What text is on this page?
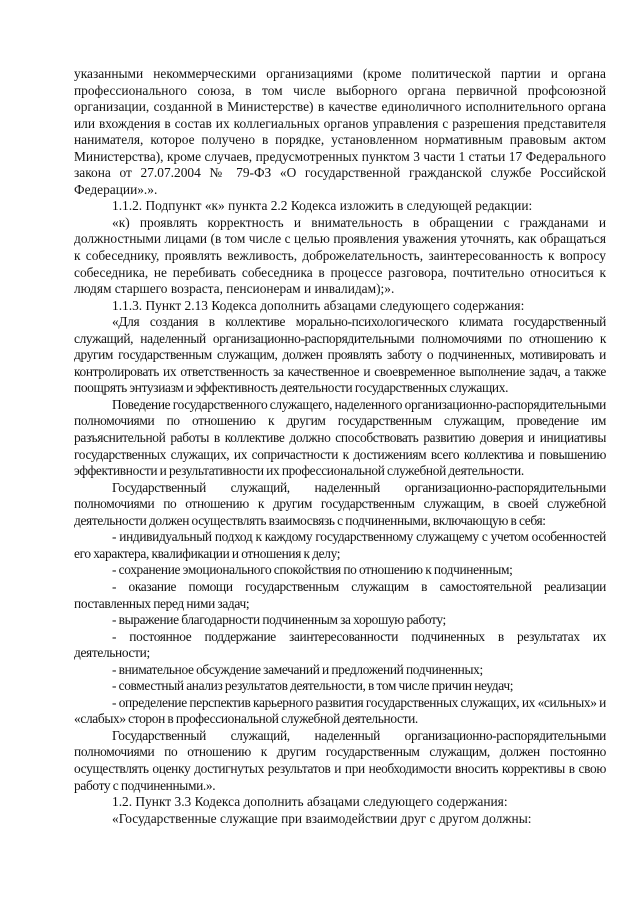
указанными некоммерческими организациями (кроме политической партии и органа профессионального союза, в том числе выборного органа первичной профсоюзной организации, созданной в Министерстве) в качестве единоличного исполнительного органа или вхождения в состав их коллегиальных органов управления с разрешения представителя нанимателя, которое получено в порядке, установленном нормативным правовым актом Министерства), кроме случаев, предусмотренных пунктом 3 части 1 статьи 17 Федерального закона от 27.07.2004 № 79-ФЗ «О государственной гражданской службе Российской Федерации».».

1.1.2. Подпункт «к» пункта 2.2 Кодекса изложить в следующей редакции:

«к) проявлять корректность и внимательность в обращении с гражданами и должностными лицами (в том числе с целью проявления уважения уточнять, как обращаться к собеседнику, проявлять вежливость, доброжелательность, заинтересованность к вопросу собеседника, не перебивать собеседника в процессе разговора, почтительно относиться к людям старшего возраста, пенсионерам и инвалидам);».

1.1.3. Пункт 2.13 Кодекса дополнить абзацами следующего содержания:

«Для создания в коллективе морально-психологического климата государственный служащий, наделенный организационно-распорядительными полномочиями по отношению к другим государственным служащим, должен проявлять заботу о подчиненных, мотивировать и контролировать их ответственность за качественное и своевременное выполнение задач, а также поощрять энтузиазм и эффективность деятельности государственных служащих.

Поведение государственного служащего, наделенного организационно-распорядительными полномочиями по отношению к другим государственным служащим, проведение им разъяснительной работы в коллективе должно способствовать развитию доверия и инициативы государственных служащих, их сопричастности к достижениям всего коллектива и повышению эффективности и результативности их профессиональной служебной деятельности.

Государственный служащий, наделенный организационно-распорядительными полномочиями по отношению к другим государственным служащим, в своей служебной деятельности должен осуществлять взаимосвязь с подчиненными, включающую в себя:

- индивидуальный подход к каждому государственному служащему с учетом особенностей его характера, квалификации и отношения к делу;

- сохранение эмоционального спокойствия по отношению к подчиненным;

- оказание помощи государственным служащим в самостоятельной реализации поставленных перед ними задач;

- выражение благодарности подчиненным за хорошую работу;

- постоянное поддержание заинтересованности подчиненных в результатах их деятельности;

- внимательное обсуждение замечаний и предложений подчиненных;

- совместный анализ результатов деятельности, в том числе причин неудач;

- определение перспектив карьерного развития государственных служащих, их «сильных» и «слабых» сторон в профессиональной служебной деятельности.

Государственный служащий, наделенный организационно-распорядительными полномочиями по отношению к другим государственным служащим, должен постоянно осуществлять оценку достигнутых результатов и при необходимости вносить коррективы в свою работу с подчиненными.».

1.2. Пункт 3.3 Кодекса дополнить абзацами следующего содержания:

«Государственные служащие при взаимодействии друг с другом должны:
